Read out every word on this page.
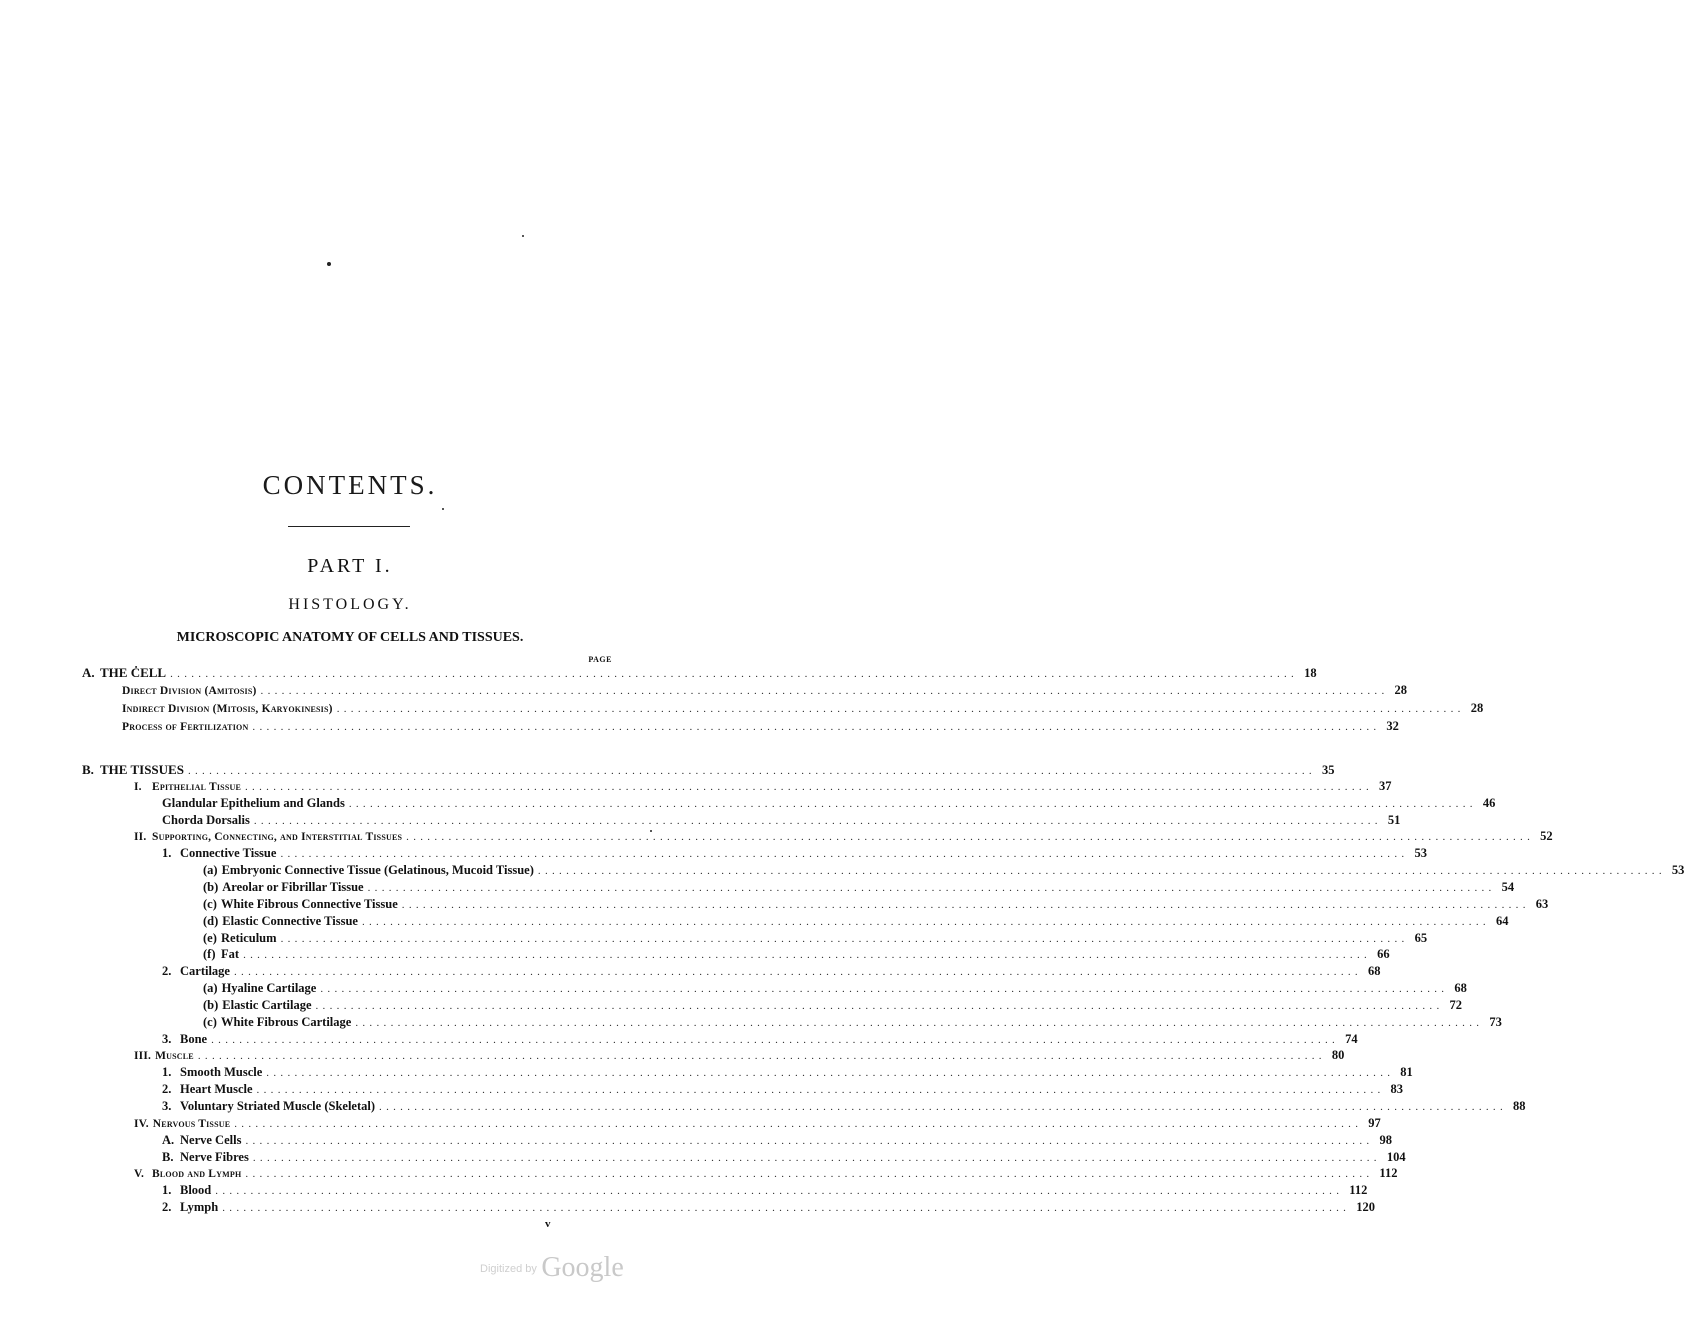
CONTENTS.
PART I.
HISTOLOGY.
MICROSCOPIC ANATOMY OF CELLS AND TISSUES.
PAGE
A. THE ĊELL ................................................................................................................................................................ 18
Direct Division (Amitosis) ................................................................................................................................................................ 28
Indirect Division (Mitosis, Karyokinesis) ................................................................................................................................................................ 28
Process of Fertilization ................................................................................................................................................................ 32
B. THE TISSUES ................................................................................................................................................................ 35
I. Epithelial Tissue ................................................................................................................................................................ 37
Glandular Epithelium and Glands ................................................................................................................................................................ 46
Chorda Dorsalis ................................................................................................................................................................ 51
II. Supporting, Connecting, and Interstitial Tissues ................................................................................................................................................................ 52
1. Connective Tissue ................................................................................................................................................................ 53
(a) Embryonic Connective Tissue (Gelatinous, Mucoid Tissue) ................................................................................................................................................................ 53
(b) Areolar or Fibrillar Tissue ................................................................................................................................................................ 54
(c) White Fibrous Connective Tissue ................................................................................................................................................................ 63
(d) Elastic Connective Tissue ................................................................................................................................................................ 64
(e) Reticulum ................................................................................................................................................................ 65
(f) Fat ................................................................................................................................................................ 66
2. Cartilage ................................................................................................................................................................ 68
(a) Hyaline Cartilage ................................................................................................................................................................ 68
(b) Elastic Cartilage ................................................................................................................................................................ 72
(c) White Fibrous Cartilage ................................................................................................................................................................ 73
3. Bone ................................................................................................................................................................ 74
III. Muscle ................................................................................................................................................................ 80
1. Smooth Muscle ................................................................................................................................................................ 81
2. Heart Muscle ................................................................................................................................................................ 83
3. Voluntary Striated Muscle (Skeletal) ................................................................................................................................................................ 88
IV. Nervous Tissue ................................................................................................................................................................ 97
A. Nerve Cells ................................................................................................................................................................ 98
B. Nerve Fibres ................................................................................................................................................................ 104
V. Blood and Lymph ................................................................................................................................................................ 112
1. Blood ................................................................................................................................................................ 112
2. Lymph ................................................................................................................................................................ 120
v
$^{Digitized by}$ Google
